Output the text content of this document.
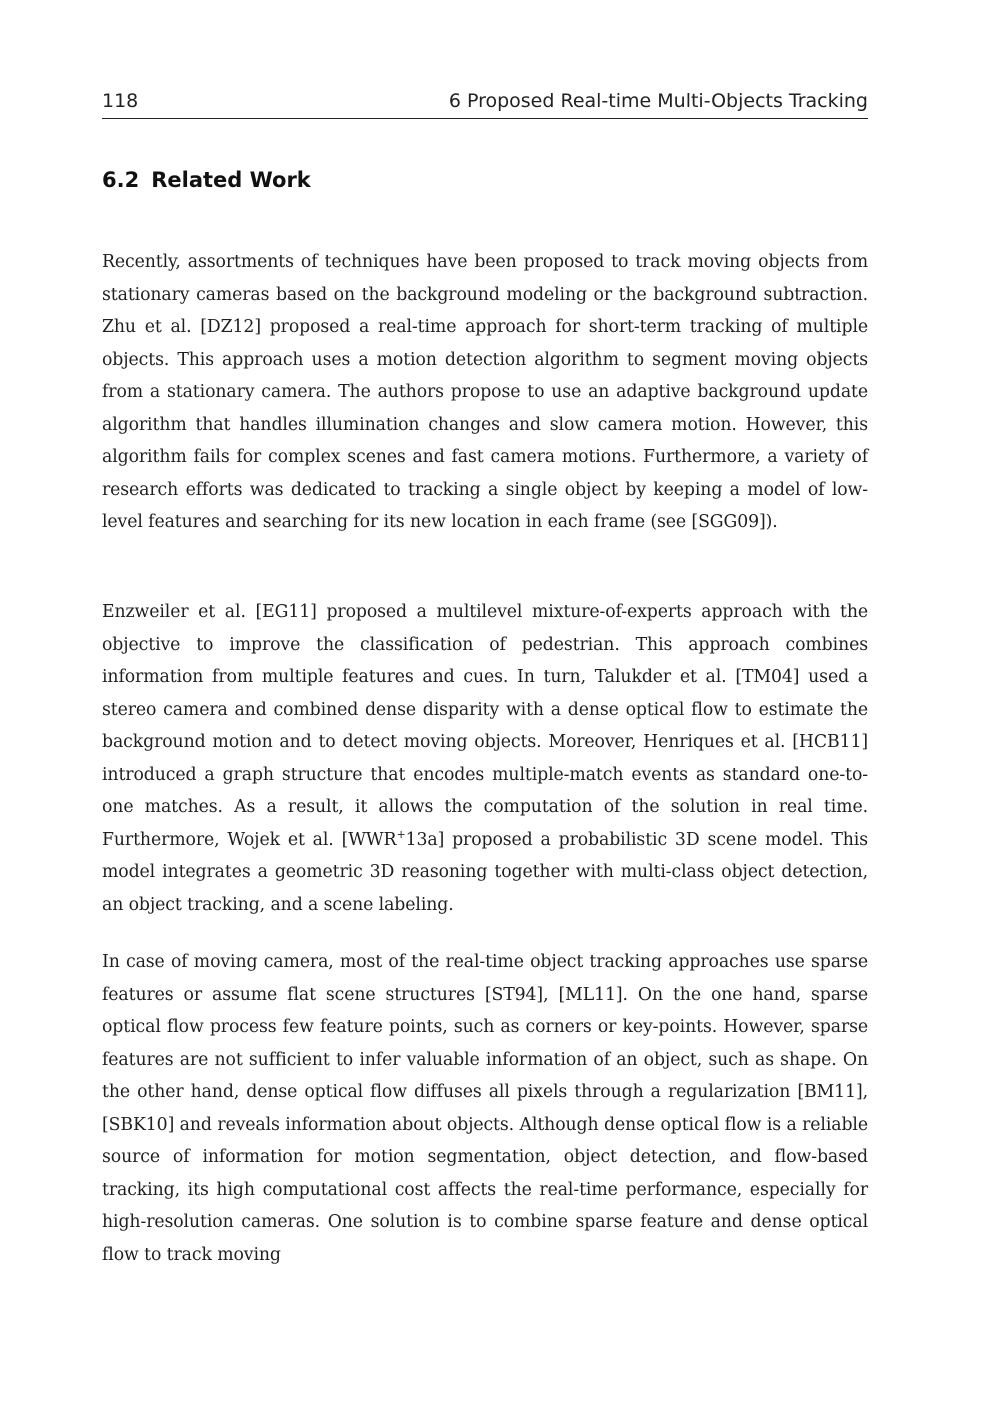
118	6 Proposed Real-time Multi-Objects Tracking
6.2 Related Work

Recently, assortments of techniques have been proposed to track moving objects from stationary cameras based on the background modeling or the background subtraction. Zhu et al. [DZ12] proposed a real-time approach for short-term tracking of multiple objects. This approach uses a motion detection algorithm to segment moving objects from a stationary camera. The authors propose to use an adaptive background update algorithm that handles illumination changes and slow camera motion. However, this algorithm fails for complex scenes and fast camera motions. Furthermore, a variety of research efforts was dedicated to tracking a single object by keeping a model of low-level features and searching for its new location in each frame (see [SGG09]).

Enzweiler et al. [EG11] proposed a multilevel mixture-of-experts approach with the objective to improve the classification of pedestrian. This approach combines information from multiple features and cues. In turn, Talukder et al. [TM04] used a stereo camera and combined dense disparity with a dense optical flow to estimate the background motion and to detect moving objects. Moreover, Henriques et al. [HCB11] introduced a graph structure that encodes multiple-match events as standard one-to-one matches. As a result, it allows the computation of the solution in real time. Furthermore, Wojek et al. [WWR+13a] proposed a probabilistic 3D scene model. This model integrates a geometric 3D reasoning together with multi-class object detection, an object tracking, and a scene labeling.

In case of moving camera, most of the real-time object tracking approaches use sparse features or assume flat scene structures [ST94], [ML11]. On the one hand, sparse optical flow process few feature points, such as corners or key-points. However, sparse features are not sufficient to infer valuable information of an object, such as shape. On the other hand, dense optical flow diffuses all pixels through a regularization [BM11], [SBK10] and reveals information about objects. Although dense optical flow is a reliable source of information for motion segmentation, object detection, and flow-based tracking, its high computational cost affects the real-time performance, especially for high-resolution cameras. One solution is to combine sparse feature and dense optical flow to track moving
